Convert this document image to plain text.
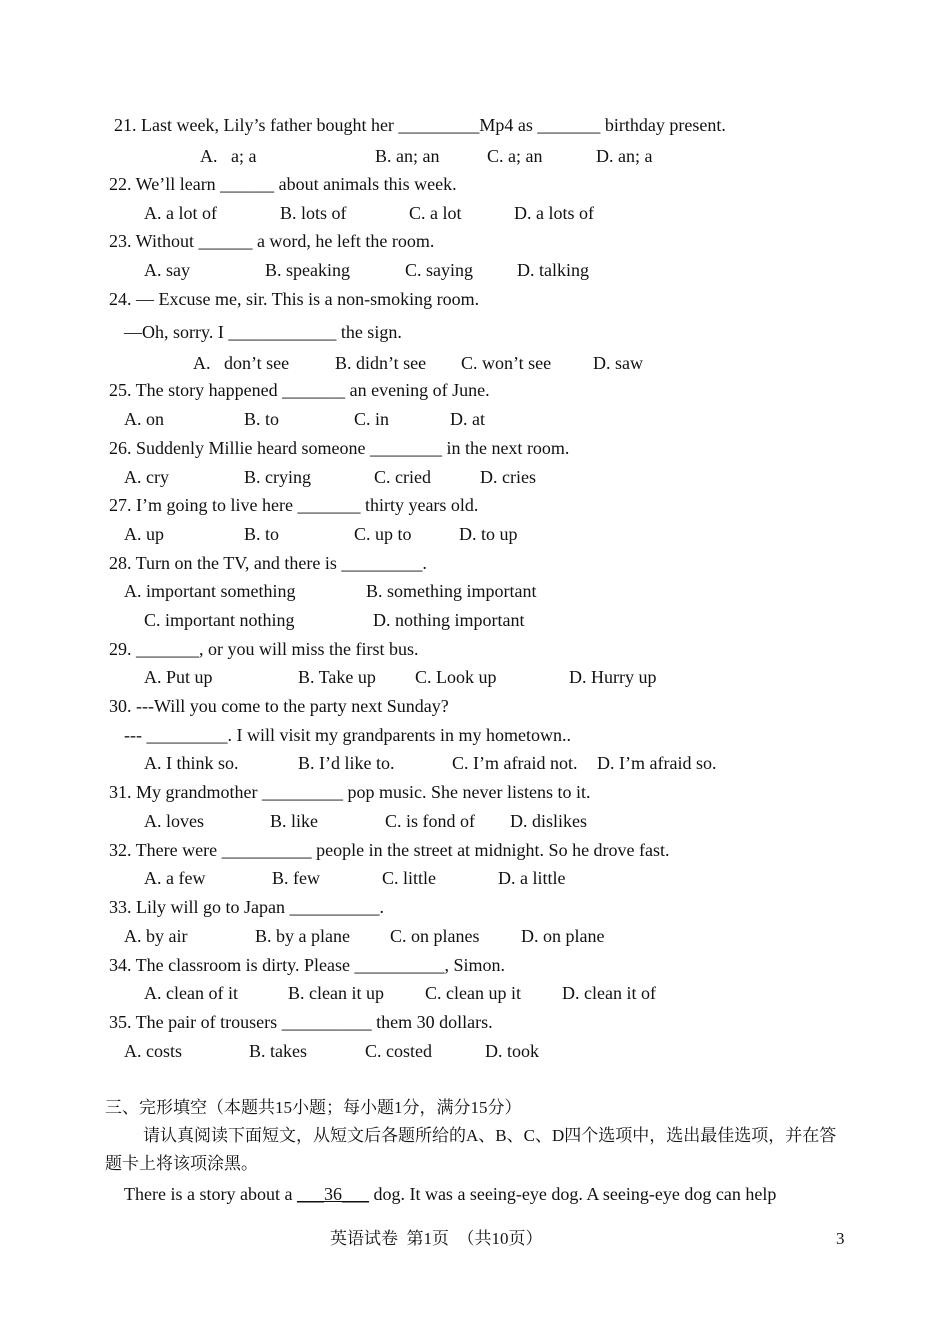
21. Last week, Lily’s father bought her _________Mp4 as _______ birthday present.
A.   a; a	B. an; an	C. a; an	D. an; a
22. We’ll learn ______ about animals this week.
A. a lot of	B. lots of	C. a lot	D. a lots of
23. Without ______ a word, he left the room.
A. say	B. speaking	C. saying D. talking
24. — Excuse me, sir. This is a non-smoking room.
—Oh, sorry. I ____________ the sign.
A.   don’t see	B. didn’t see C. won’t see D. saw
25. The story happened _______ an evening of June.
A. on	B. to	C. in	D. at
26. Suddenly Millie heard someone ________ in the next room.
A. cry	B. crying	C. cried	D. cries
27. I’m going to live here _______ thirty years old.
A. up	B. to	C. up to	D. to up
28. Turn on the TV, and there is _________.
A. important something	B. something important
C. important nothing	D. nothing important
29. _______, or you will miss the first bus.
A. Put up	B. Take up C. Look up	D. Hurry up
30. ---Will you come to the party next Sunday?
--- _________. I will visit my grandparents in my hometown..
A. I think so.	B. I’d like to.	C. I’m afraid not. D. I’m afraid so.
31. My grandmother _________ pop music. She never listens to it.
A. loves	B. like	C. is fond of D. dislikes
32. There were __________ people in the street at midnight. So he drove fast.
A. a few	B. few	C. little	D. a little
33. Lily will go to Japan __________.
A. by air	B. by a plane C. on planes D. on plane
34. The classroom is dirty. Please __________, Simon.
A. clean of it	B. clean it up C. clean up it D. clean it of
35. The pair of trousers __________ them 30 dollars.
A. costs	B. takes	C. costed	D. took
三、完形填空（本题共15小题；每小题1分，满分15分）
请认真阅读下面短文，从短文后各题所给的A、B、C、D四个选项中，选出最佳选项，并在答题卡上将该项涂黑。
There is a story about a ___36___ dog. It was a seeing-eye dog. A seeing-eye dog can help
英语试卷  第1页  （共10页）	3
